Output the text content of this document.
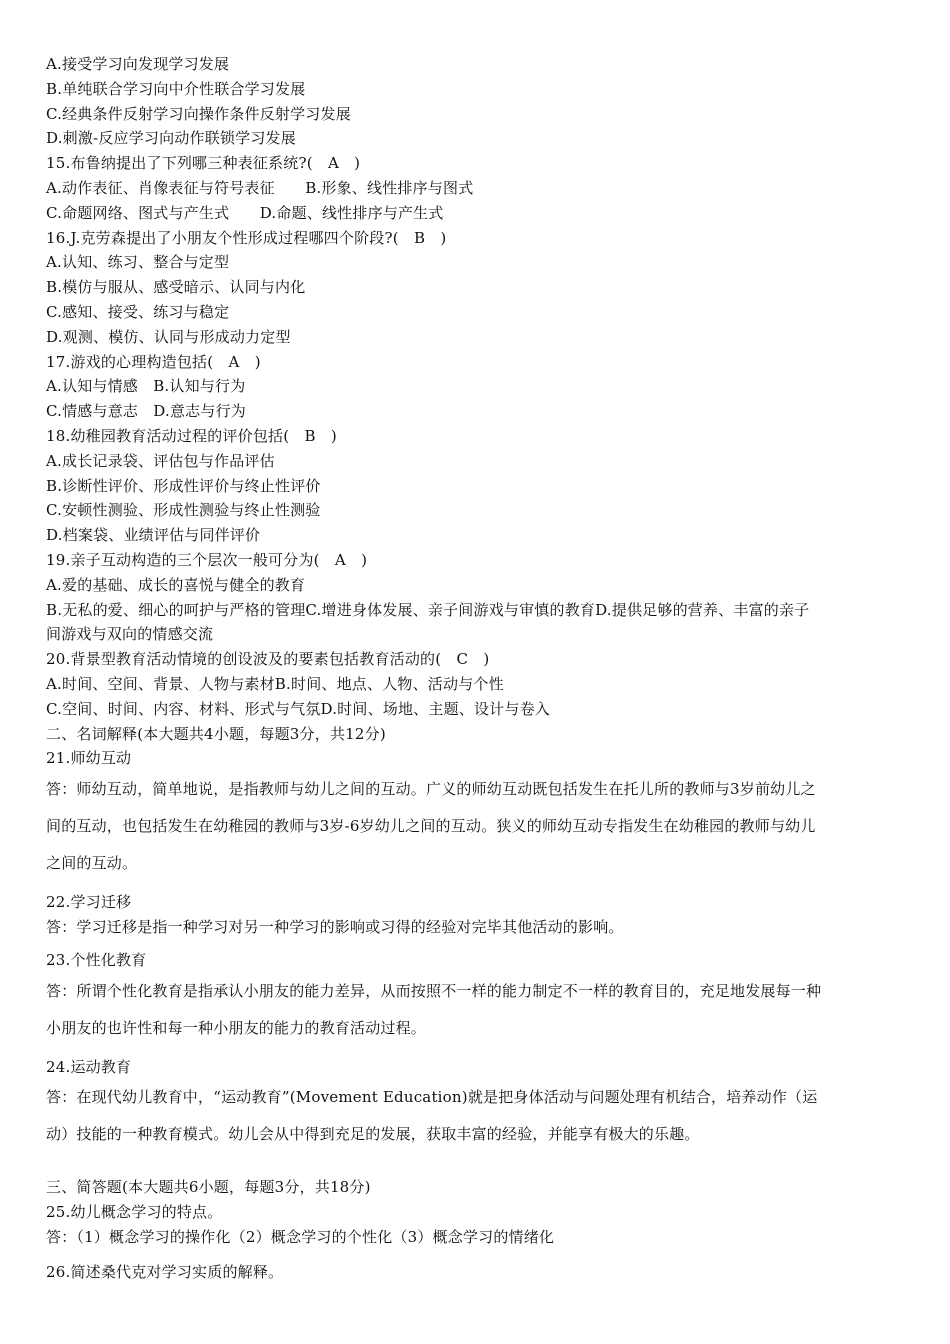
A.接受学习向发现学习发展
B.单纯联合学习向中介性联合学习发展
C.经典条件反射学习向操作条件反射学习发展
D.刺激-反应学习向动作联锁学习发展
15.布鲁纳提出了下列哪三种表征系统?(　A　)
A.动作表征、肖像表征与符号表征　　B.形象、线性排序与图式
C.命题网络、图式与产生式　　D.命题、线性排序与产生式
16.J.克劳森提出了小朋友个性形成过程哪四个阶段?(　B　)
A.认知、练习、整合与定型
B.模仿与服从、感受暗示、认同与内化
C.感知、接受、练习与稳定
D.观测、模仿、认同与形成动力定型
17.游戏的心理构造包括(　A　)
A.认知与情感　B.认知与行为
C.情感与意志　D.意志与行为
18.幼稚园教育活动过程的评价包括(　B　)
A.成长记录袋、评估包与作品评估
B.诊断性评价、形成性评价与终止性评价
C.安顿性测验、形成性测验与终止性测验
D.档案袋、业绩评估与同伴评价
19.亲子互动构造的三个层次一般可分为(　A　)
A.爱的基础、成长的喜悦与健全的教育
B.无私的爱、细心的呵护与严格的管理C.增进身体发展、亲子间游戏与审慎的教育D.提供足够的营养、丰富的亲子
间游戏与双向的情感交流
20.背景型教育活动情境的创设波及的要素包括教育活动的(　C　)
A.时间、空间、背景、人物与素材B.时间、地点、人物、活动与个性
C.空间、时间、内容、材料、形式与气氛D.时间、场地、主题、设计与卷入
二、名词解释(本大题共4小题，每题3分，共12分)
21.师幼互动
答：师幼互动，简单地说，是指教师与幼儿之间的互动。广义的师幼互动既包括发生在托儿所的教师与3岁前幼儿之
间的互动，也包括发生在幼稚园的教师与3岁-6岁幼儿之间的互动。狭义的师幼互动专指发生在幼稚园的教师与幼儿
之间的互动。
22.学习迁移
答：学习迁移是指一种学习对另一种学习的影响或习得的经验对完毕其他活动的影响。
23.个性化教育
答：所谓个性化教育是指承认小朋友的能力差异，从而按照不一样的能力制定不一样的教育目的，充足地发展每一种
小朋友的也许性和每一种小朋友的能力的教育活动过程。
24.运动教育
答：在现代幼儿教育中，“运动教育”(Movement Education)就是把身体活动与问题处理有机结合，培养动作（运
动）技能的一种教育模式。幼儿会从中得到充足的发展，获取丰富的经验，并能享有极大的乐趣。
三、简答题(本大题共6小题，每题3分，共18分)
25.幼儿概念学习的特点。
答：（1）概念学习的操作化（2）概念学习的个性化（3）概念学习的情绪化
26.简述桑代克对学习实质的解释。
